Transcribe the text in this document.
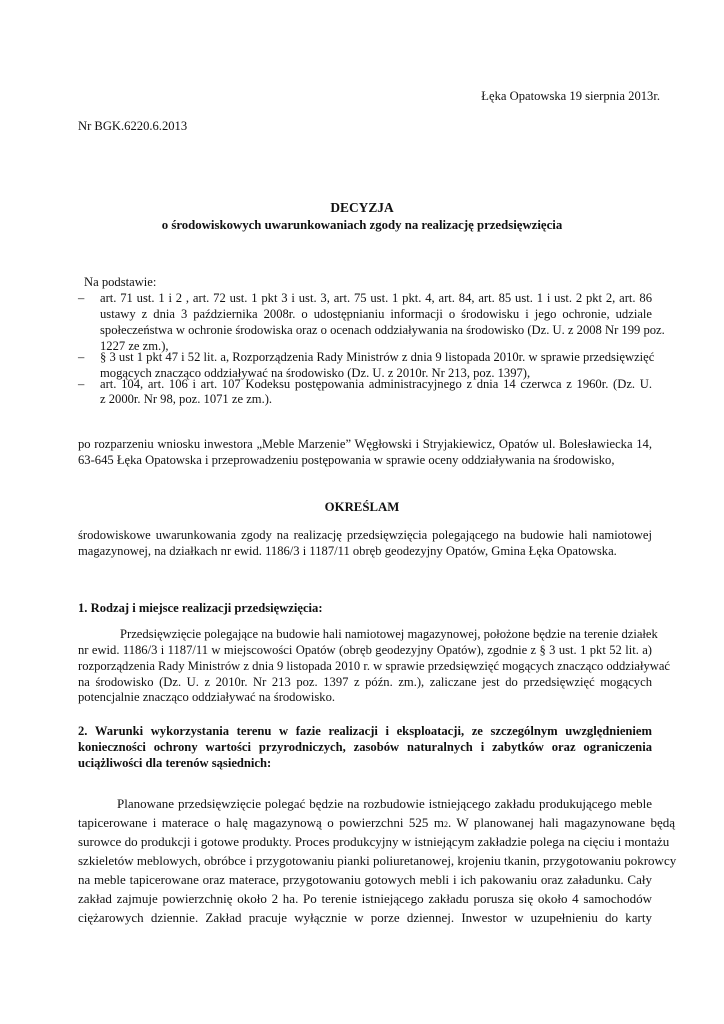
Łęka Opatowska 19 sierpnia 2013r.
Nr BGK.6220.6.2013
DECYZJA
o środowiskowych uwarunkowaniach zgody na realizację przedsięwzięcia
Na podstawie:
– art. 71 ust. 1 i 2 , art. 72 ust. 1 pkt 3 i ust. 3, art. 75 ust. 1 pkt. 4, art. 84, art. 85 ust. 1 i ust. 2 pkt 2, art. 86
ustawy z dnia 3 października 2008r. o udostępnianiu informacji o środowisku i jego ochronie, udziale
społeczeństwa w ochronie środowiska oraz o ocenach oddziaływania na środowisko (Dz. U. z 2008 Nr 199 poz.
1227 ze zm.),
– § 3 ust 1 pkt 47 i 52 lit. a, Rozporządzenia Rady Ministrów z dnia 9 listopada 2010r. w sprawie przedsięwzięć
mogących znacząco oddziaływać na środowisko (Dz. U. z 2010r. Nr 213, poz. 1397),
– art. 104, art. 106 i art. 107 Kodeksu postępowania administracyjnego z dnia 14 czerwca z 1960r. (Dz. U.
z 2000r. Nr 98, poz. 1071 ze zm.).
po rozparzeniu wniosku inwestora „Meble Marzenie” Węgłowski i Stryjakiewicz, Opatów ul. Bolesławiecka 14,
63-645 Łęka Opatowska i przeprowadzeniu postępowania w sprawie oceny oddziaływania na środowisko,
OKREŚLAM
środowiskowe uwarunkowania zgody na realizację przedsięwzięcia polegającego na budowie hali namiotowej
magazynowej, na działkach nr ewid. 1186/3 i 1187/11 obręb geodezyjny Opatów, Gmina Łęka Opatowska.
1. Rodzaj i miejsce realizacji przedsięwzięcia:
Przedsięwzięcie polegające na budowie hali namiotowej magazynowej, położone będzie na terenie działek
nr ewid. 1186/3 i 1187/11 w miejscowości Opatów (obręb geodezyjny Opatów), zgodnie z § 3 ust. 1 pkt 52 lit. a)
rozporządzenia Rady Ministrów z dnia 9 listopada 2010 r. w sprawie przedsięwzięć mogących znacząco oddziaływać
na środowisko (Dz. U. z 2010r. Nr 213 poz. 1397 z późn. zm.), zaliczane jest do przedsięwzięć mogących
potencjalnie znacząco oddziaływać na środowisko.
2. Warunki wykorzystania terenu w fazie realizacji i eksploatacji, ze szczególnym uwzględnieniem
konieczności ochrony wartości przyrodniczych, zasobów naturalnych i zabytków oraz ograniczenia
uciążliwości dla terenów sąsiednich:
Planowane przedsięwzięcie polegać będzie na rozbudowie istniejącego zakładu produkującego meble
tapicerowane i materace o halę magazynową o powierzchni 525 m 2 . W planowanej hali magazynowane będą
surowce do produkcji i gotowe produkty. Proces produkcyjny w istniejącym zakładzie polega na cięciu i montażu
szkieletów meblowych, obróbce i przygotowaniu pianki poliuretanowej, krojeniu tkanin, przygotowaniu pokrowcy
na meble tapicerowane oraz materace, przygotowaniu gotowych mebli i ich pakowaniu oraz załadunku. Cały
zakład zajmuje powierzchnię około 2 ha. Po terenie istniejącego zakładu porusza się około 4 samochodów
ciężarowych dziennie. Zakład pracuje wyłącznie w porze dziennej. Inwestor w uzupełnieniu do karty
